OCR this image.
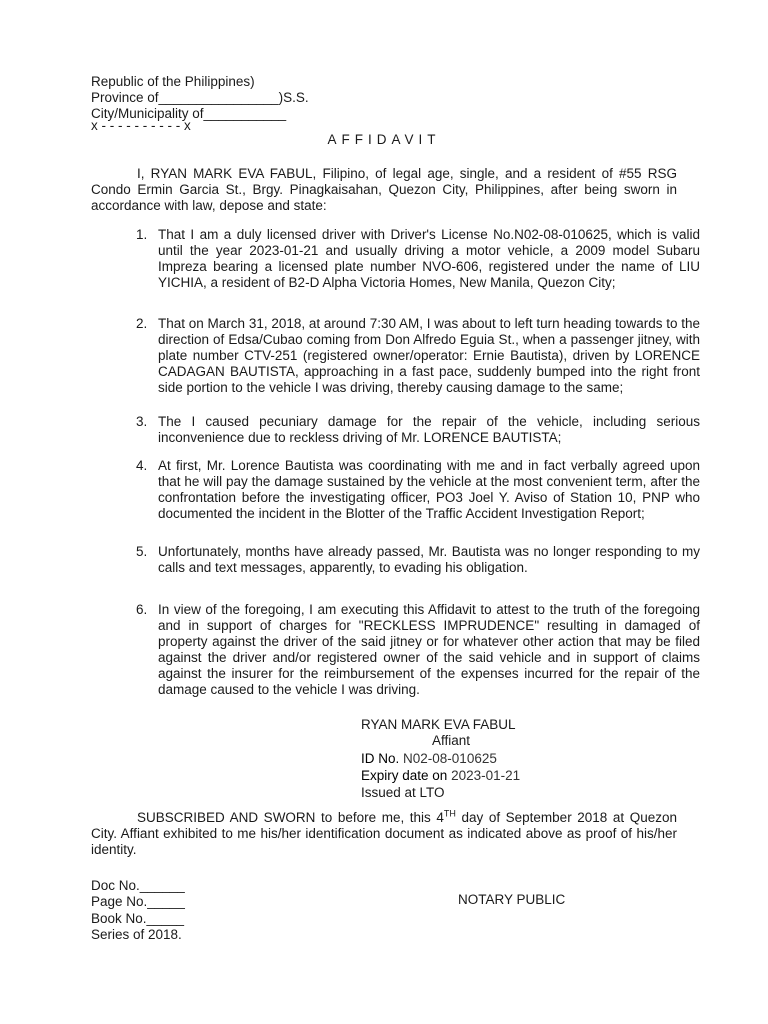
Republic of the Philippines)
Province of________________)S.S.
City/Municipality of___________
x - - - - - - - - - - x
AFFIDAVIT

I, RYAN MARK EVA FABUL, Filipino, of legal age, single, and a resident of #55 RSG Condo Ermin Garcia St., Brgy. Pinagkaisahan, Quezon City, Philippines, after being sworn in accordance with law, depose and state:

1. That I am a duly licensed driver with Driver's License No.N02-08-010625, which is valid until the year 2023-01-21 and usually driving a motor vehicle, a 2009 model Subaru Impreza bearing a licensed plate number NVO-606, registered under the name of LIU YICHIA, a resident of B2-D Alpha Victoria Homes, New Manila, Quezon City;
2. That on March 31, 2018, at around 7:30 AM, I was about to left turn heading towards to the direction of Edsa/Cubao coming from Don Alfredo Eguia St., when a passenger jitney, with plate number CTV-251 (registered owner/operator: Ernie Bautista), driven by LORENCE CADAGAN BAUTISTA, approaching in a fast pace, suddenly bumped into the right front side portion to the vehicle I was driving, thereby causing damage to the same;
3. The I caused pecuniary damage for the repair of the vehicle, including serious inconvenience due to reckless driving of Mr. LORENCE BAUTISTA;
4. At first, Mr. Lorence Bautista was coordinating with me and in fact verbally agreed upon that he will pay the damage sustained by the vehicle at the most convenient term, after the confrontation before the investigating officer, PO3 Joel Y. Aviso of Station 10, PNP who documented the incident in the Blotter of the Traffic Accident Investigation Report;
5. Unfortunately, months have already passed, Mr. Bautista was no longer responding to my calls and text messages, apparently, to evading his obligation.
6. In view of the foregoing, I am executing this Affidavit to attest to the truth of the foregoing and in support of charges for "RECKLESS IMPRUDENCE" resulting in damaged of property against the driver of the said jitney or for whatever other action that may be filed against the driver and/or registered owner of the said vehicle and in support of claims against the insurer for the reimbursement of the expenses incurred for the repair of the damage caused to the vehicle I was driving.
RYAN MARK EVA FABUL
Affiant
ID No. N02-08-010625
Expiry date on 2023-01-21
Issued at LTO

SUBSCRIBED AND SWORN to before me, this 4TH day of September 2018 at Quezon City. Affiant exhibited to me his/her identification document as indicated above as proof of his/her identity.

Doc No.______
Page No._____
Book No._____
Series of 2018.
NOTARY PUBLIC
